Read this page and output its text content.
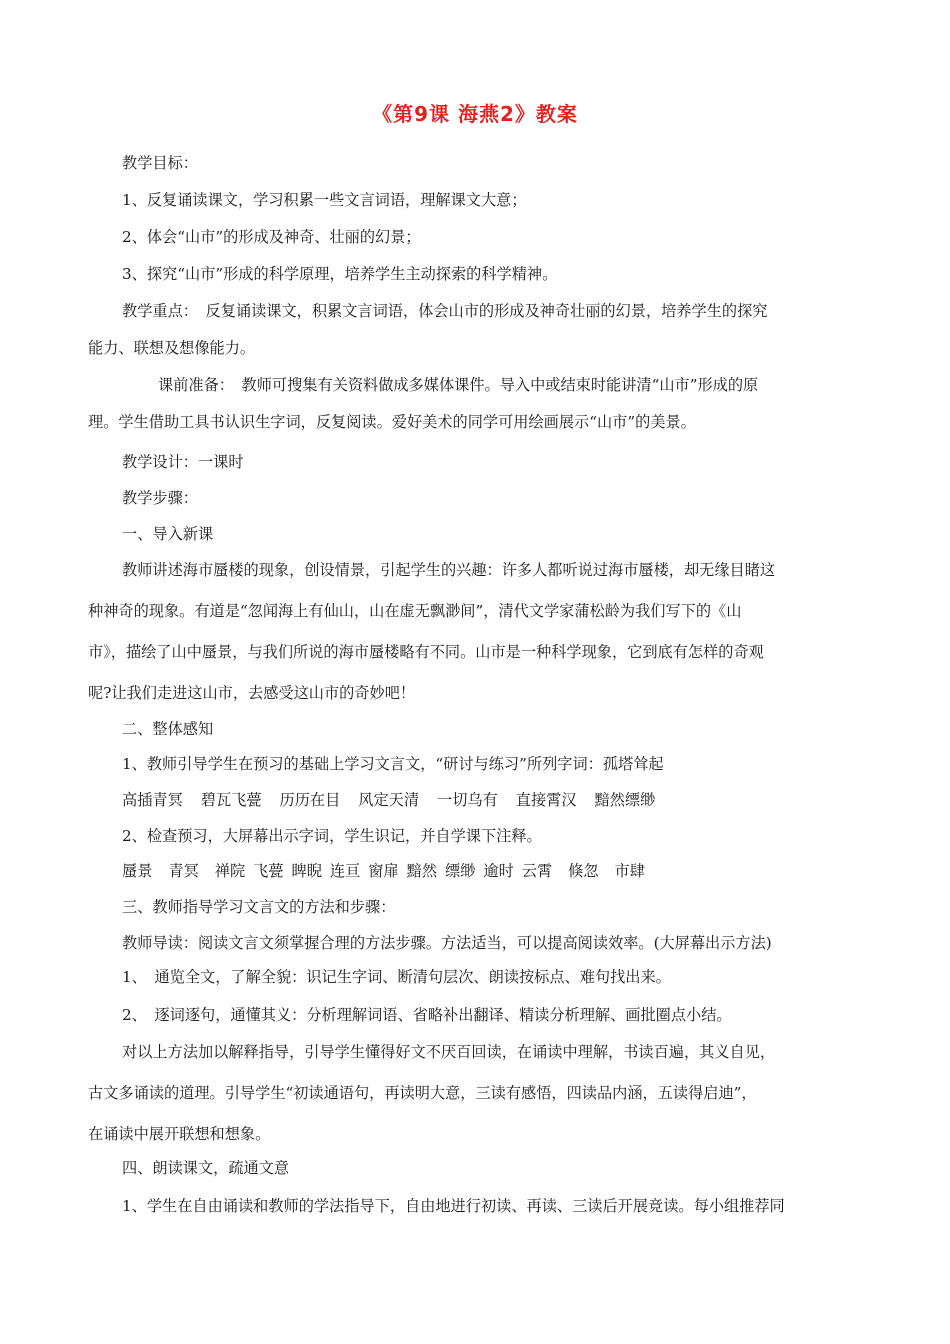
《第9课 海燕2》教案
教学目标：
1、反复诵读课文，学习积累一些文言词语，理解课文大意；
2、体会“山市”的形成及神奇、壮丽的幻景；
3、探究“山市”形成的科学原理，培养学生主动探索的科学精神。
教学重点：　反复诵读课文，积累文言词语，体会山市的形成及神奇壮丽的幻景，培养学生的探究
能力、联想及想像能力。
课前准备：　教师可搜集有关资料做成多媒体课件。导入中或结束时能讲清“山市”形成的原
理。学生借助工具书认识生字词，反复阅读。爱好美术的同学可用绘画展示“山市”的美景。
教学设计：一课时
教学步骤：
一、导入新课
教师讲述海市蜃楼的现象，创设情景，引起学生的兴趣：许多人都听说过海市蜃楼，却无缘目睹这
种神奇的现象。有道是“忽闻海上有仙山，山在虚无飘渺间”，清代文学家蒲松龄为我们写下的《山
市》，描绘了山中蜃景，与我们所说的海市蜃楼略有不同。山市是一种科学现象，它到底有怎样的奇观
呢?让我们走进这山市，去感受这山市的奇妙吧！
二、整体感知
1、教师引导学生在预习的基础上学习文言文，“研讨与练习”所列字词：孤塔耸起
高插青冥 碧瓦飞甍 历历在目 风定天清 一切乌有 直接霄汉 黯然缥缈
2、检查预习，大屏幕出示字词，学生识记，并自学课下注释。
蜃景 青冥 禅院 飞甍 睥睨 连亘 窗扉 黯然 缥缈 逾时 云霄 倏忽 市肆
三、教师指导学习文言文的方法和步骤：
教师导读：阅读文言文须掌握合理的方法步骤。方法适当，可以提高阅读效率。(大屏幕出示方法)
1、　通览全文，了解全貌：识记生字词、断清句层次、朗读按标点、难句找出来。
2、　逐词逐句，通懂其义：分析理解词语、省略补出翻译、精读分析理解、画批圈点小结。
对以上方法加以解释指导，引导学生懂得好文不厌百回读，在诵读中理解，书读百遍，其义自见，
古文多诵读的道理。引导学生“初读通语句，再读明大意，三读有感悟，四读品内涵，五读得启迪”，
在诵读中展开联想和想象。
四、朗读课文，疏通文意
1、学生在自由诵读和教师的学法指导下，自由地进行初读、再读、三读后开展竞读。每小组推荐同
